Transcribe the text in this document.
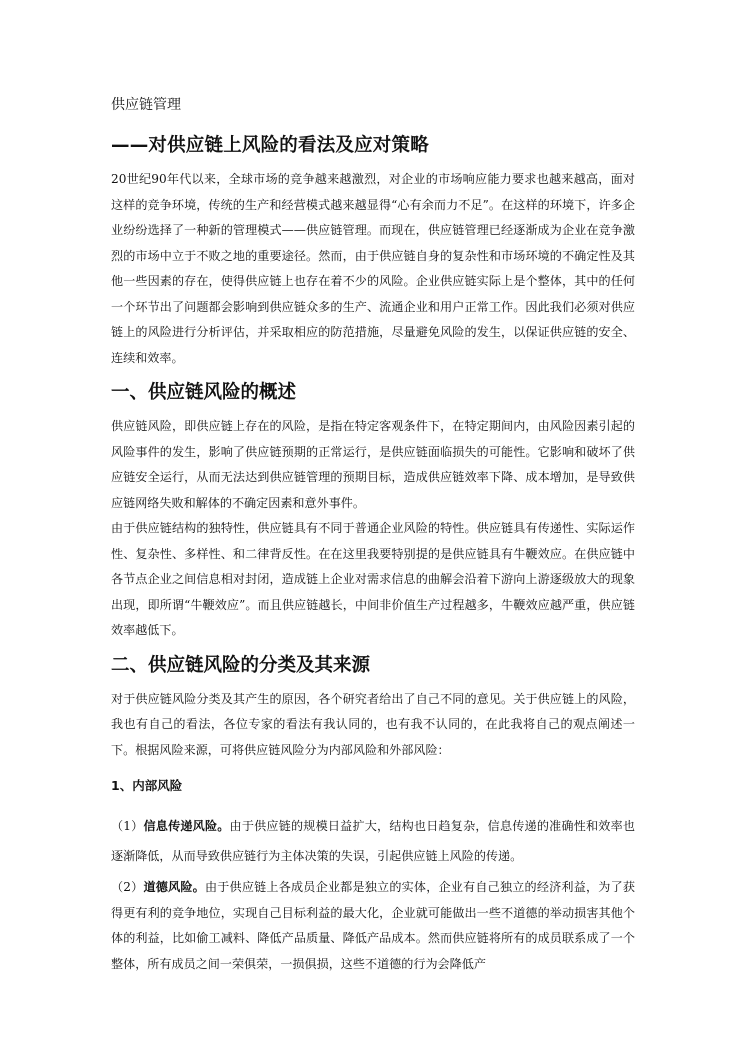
供应链管理
——对供应链上风险的看法及应对策略

20世纪90年代以来，全球市场的竞争越来越激烈，对企业的市场响应能力要求也越来越高，面对这样的竞争环境，传统的生产和经营模式越来越显得“心有余而力不足”。在这样的环境下，许多企业纷纷选择了一种新的管理模式——供应链管理。而现在，供应链管理已经逐渐成为企业在竞争激烈的市场中立于不败之地的重要途径。然而，由于供应链自身的复杂性和市场环境的不确定性及其他一些因素的存在，使得供应链上也存在着不少的风险。企业供应链实际上是个整体，其中的任何一个环节出了问题都会影响到供应链众多的生产、流通企业和用户正常工作。因此我们必须对供应链上的风险进行分析评估，并采取相应的防范措施，尽量避免风险的发生，以保证供应链的安全、连续和效率。

一、供应链风险的概述

供应链风险，即供应链上存在的风险，是指在特定客观条件下，在特定期间内，由风险因素引起的风险事件的发生，影响了供应链预期的正常运行，是供应链面临损失的可能性。它影响和破坏了供应链安全运行，从而无法达到供应链管理的预期目标，造成供应链效率下降、成本增加，是导致供应链网络失败和解体的不确定因素和意外事件。

由于供应链结构的独特性，供应链具有不同于普通企业风险的特性。供应链具有传递性、实际运作性、复杂性、多样性、和二律背反性。在在这里我要特别提的是供应链具有牛鞭效应。在供应链中各节点企业之间信息相对封闭，造成链上企业对需求信息的曲解会沿着下游向上游逐级放大的现象出现，即所谓“牛鞭效应”。而且供应链越长，中间非价值生产过程越多，牛鞭效应越严重，供应链效率越低下。

二、供应链风险的分类及其来源

对于供应链风险分类及其产生的原因，各个研究者给出了自己不同的意见。关于供应链上的风险，我也有自己的看法，各位专家的看法有我认同的，也有我不认同的，在此我将自己的观点阐述一下。根据风险来源，可将供应链风险分为内部风险和外部风险：

1、内部风险

（1）信息传递风险。由于供应链的规模日益扩大，结构也日趋复杂，信息传递的准确性和效率也逐渐降低，从而导致供应链行为主体决策的失误，引起供应链上风险的传递。

（2）道德风险。由于供应链上各成员企业都是独立的实体，企业有自己独立的经济利益，为了获得更有利的竞争地位，实现自己目标利益的最大化，企业就可能做出一些不道德的举动损害其他个体的利益，比如偷工减料、降低产品质量、降低产品成本。然而供应链将所有的成员联系成了一个整体，所有成员之间一荣俱荣，一损俱损，这些不道德的行为会降低产
